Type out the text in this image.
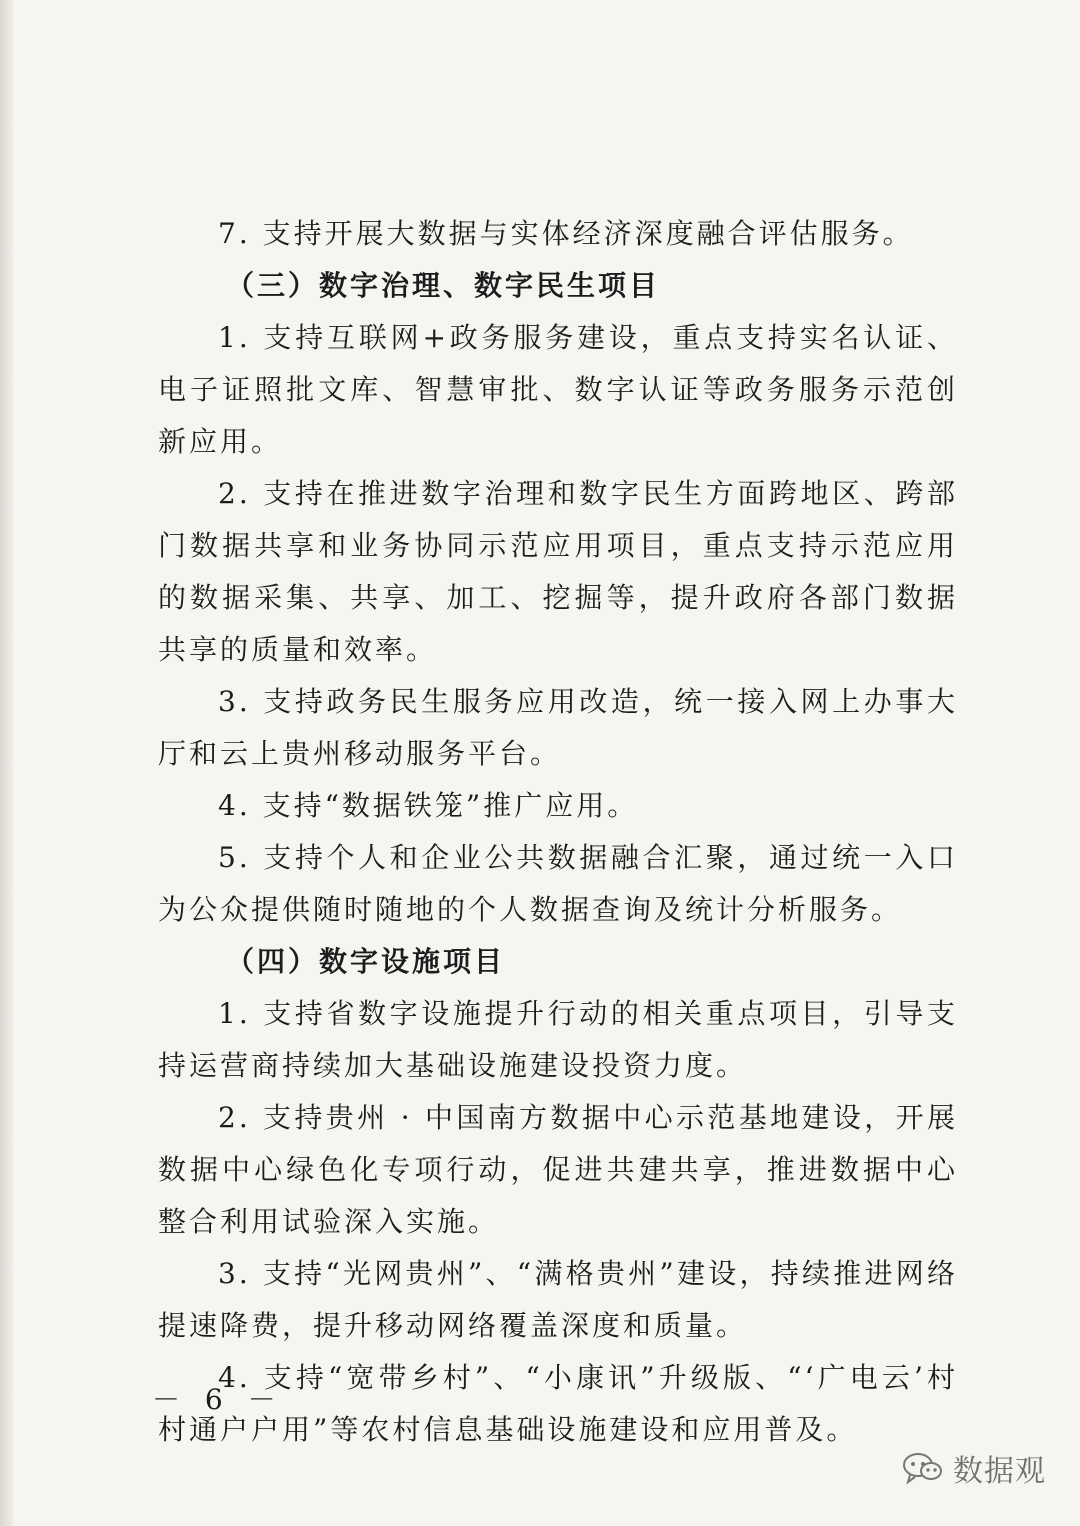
7. 支持开展大数据与实体经济深度融合评估服务。

（三）数字治理、数字民生项目

1. 支持互联网+政务服务建设，重点支持实名认证、电子证照批文库、智慧审批、数字认证等政务服务示范创新应用。

2. 支持在推进数字治理和数字民生方面跨地区、跨部门数据共享和业务协同示范应用项目，重点支持示范应用的数据采集、共享、加工、挖掘等，提升政府各部门数据共享的质量和效率。

3. 支持政务民生服务应用改造，统一接入网上办事大厅和云上贵州移动服务平台。

4. 支持“数据铁笼”推广应用。

5. 支持个人和企业公共数据融合汇聚，通过统一入口为公众提供随时随地的个人数据查询及统计分析服务。

（四）数字设施项目

1. 支持省数字设施提升行动的相关重点项目，引导支持运营商持续加大基础设施建设投资力度。

2. 支持贵州 · 中国南方数据中心示范基地建设，开展数据中心绿色化专项行动，促进共建共享，推进数据中心整合利用试验深入实施。

3. 支持“光网贵州”、“满格贵州”建设，持续推进网络提速降费，提升移动网络覆盖深度和质量。

4. 支持“宽带乡村”、“小康讯”升级版、“‘广电云’村村通户户用”等农村信息基础设施建设和应用普及。

－ 6 －
数据观
